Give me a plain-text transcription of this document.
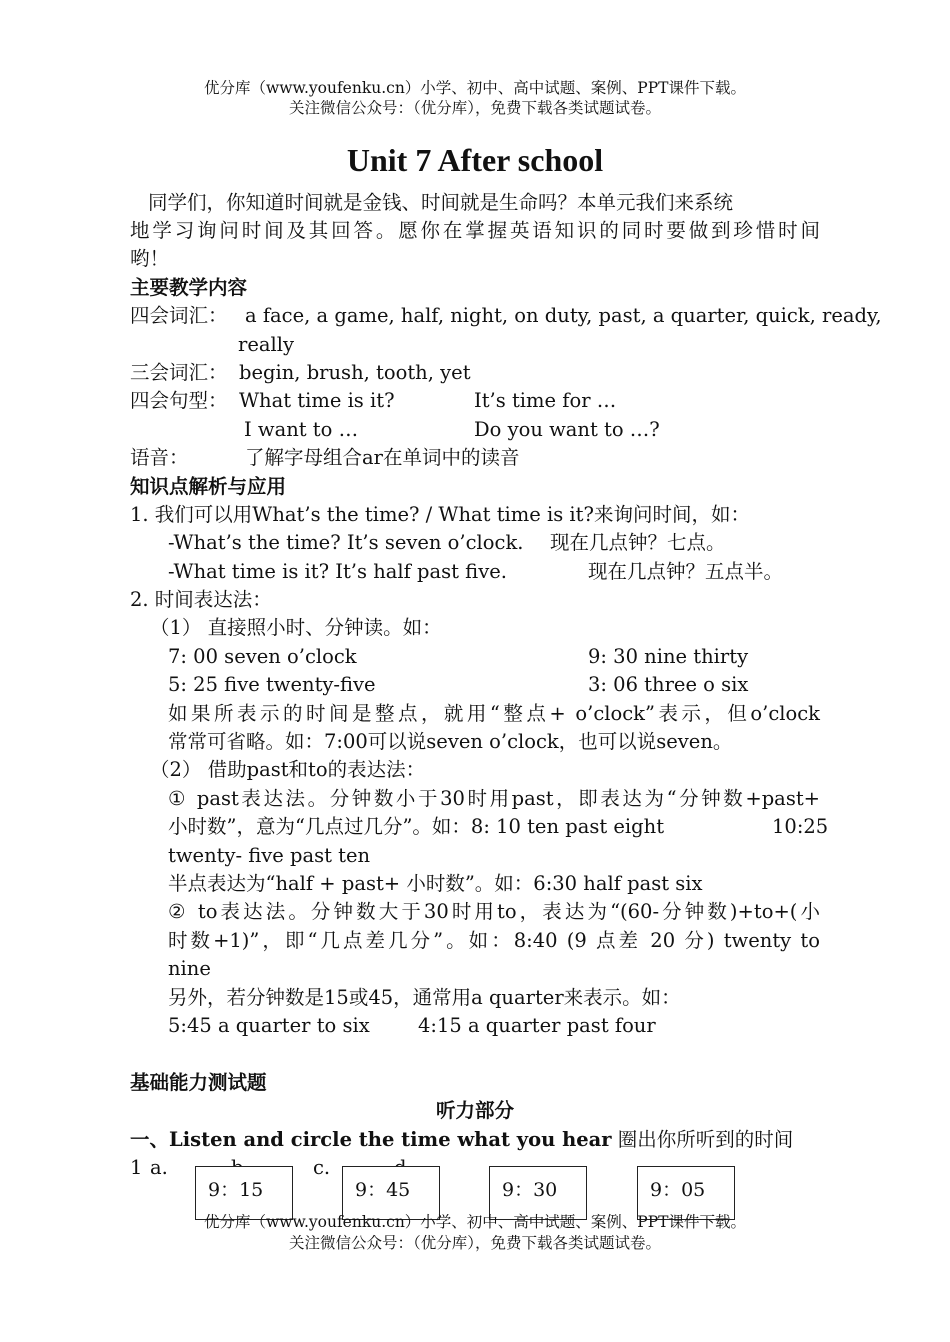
优分库（www.youfenku.cn）小学、初中、高中试题、案例、PPT课件下载。
关注微信公众号：（优分库），免费下载各类试题试卷。
Unit 7 After school
同学们，你知道时间就是金钱、时间就是生命吗？本单元我们来系统
地学习询问时间及其回答。愿你在掌握英语知识的同时要做到珍惜时间
哟！
主要教学内容
四会词汇： a face, a game, half, night, on duty, past, a quarter, quick, ready,
really
三会词汇： begin, brush, tooth, yet
四会句型： What time is it?	It’s time for …
I want to …	Do you want to …?
语音：	了解字母组合ar在单词中的读音
知识点解析与应用
1. 我们可以用What’s the time? / What time is it?来询问时间，如：
-What’s the time? It’s seven o’clock. 现在几点钟？七点。
-What time is it? It’s half past five.	现在几点钟？五点半。
2. 时间表达法：
（1） 直接照小时、分钟读。如：
7: 00 seven o’clock	9: 30 nine thirty
5: 25 five twenty-five	3: 06 three o six
如果所表示的时间是整点，就用“整点+ o’clock”表示，但o’clock
常常可省略。如：7:00可以说seven o’clock，也可以说seven。
（2） 借助past和to的表达法：
① past表达法。分钟数小于30时用past，即表达为“分钟数+past+
小时数”，意为“几点过几分”。如：8: 10 ten past eight	10:25
twenty- five past ten
半点表达为“half + past+ 小时数”。如：6:30 half past six
② to表达法。分钟数大于30时用to，表达为“(60-分钟数)+to+(小
时数+1)”，即“几点差几分”。如：8:40 (9 点差 20 分) twenty to
nine
另外，若分钟数是15或45，通常用a quarter来表示。如：
5:45 a quarter to six 4:15 a quarter past four
基础能力测试题
听力部分
一、Listen and circle the time what you hear 圈出你所听到的时间
1 a.	c.
9：15	9：45	9：30	9：05
优分库（www.youfenku.cn）小学、初中、高中试题、案例、PPT课件下载。
关注微信公众号：（优分库），免费下载各类试题试卷。
